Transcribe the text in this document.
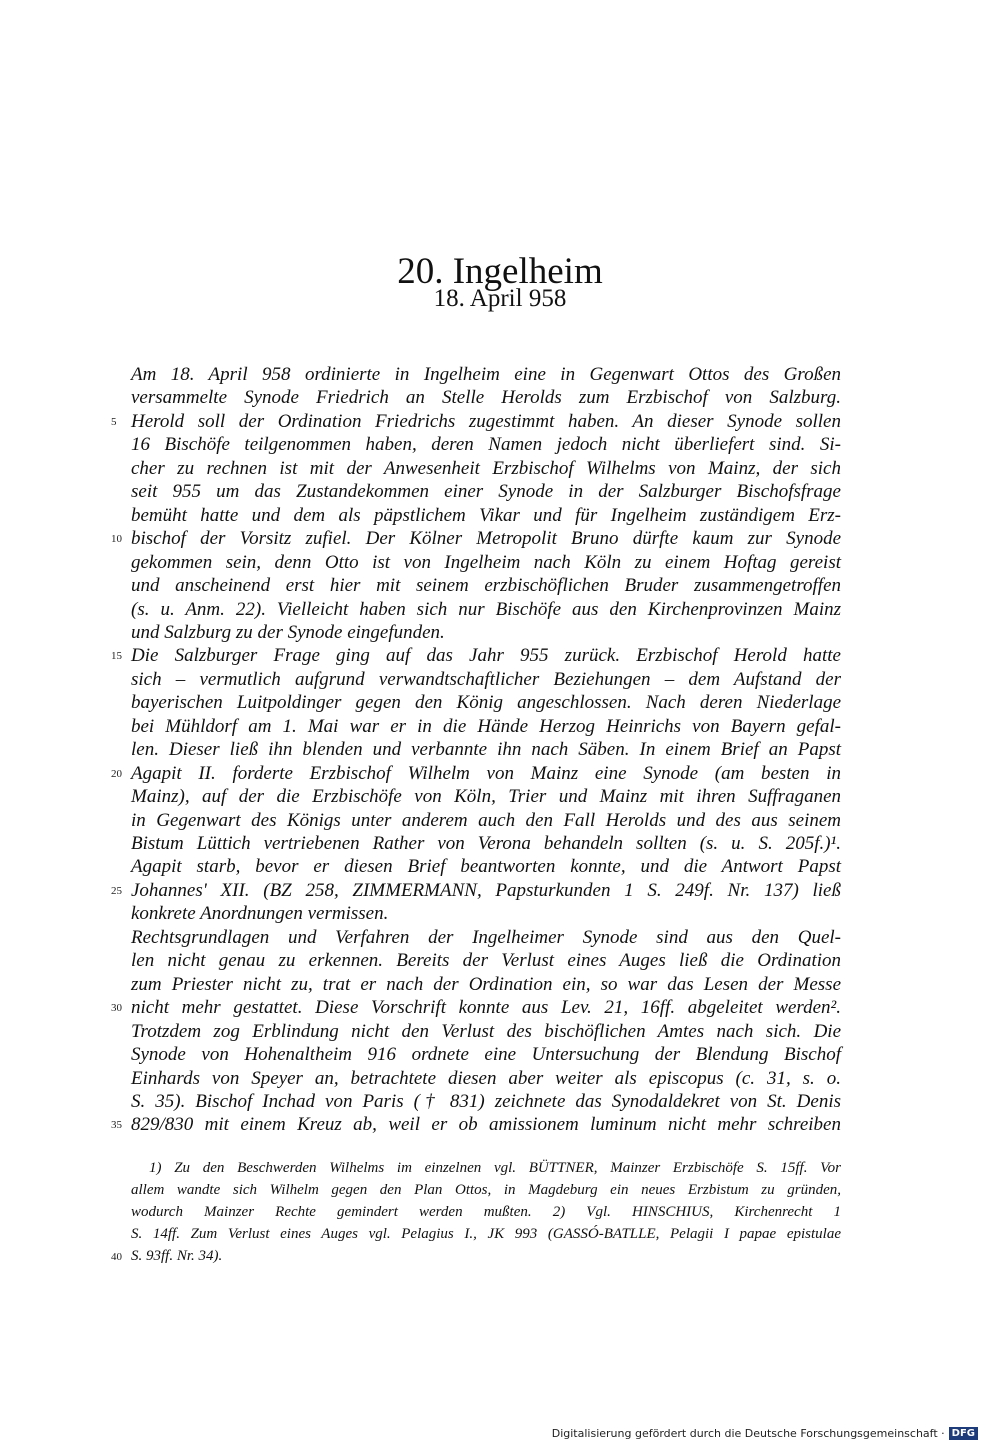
20. Ingelheim
18. April 958
Am 18. April 958 ordinierte in Ingelheim eine in Gegenwart Ottos des Großen
versammelte Synode Friedrich an Stelle Herolds zum Erzbischof von Salzburg.
Herold soll der Ordination Friedrichs zugestimmt haben. An dieser Synode sollen
16 Bischöfe teilgenommen haben, deren Namen jedoch nicht überliefert sind. Si-
cher zu rechnen ist mit der Anwesenheit Erzbischof Wilhelms von Mainz, der sich
seit 955 um das Zustandekommen einer Synode in der Salzburger Bischofsfrage
bemüht hatte und dem als päpstlichem Vikar und für Ingelheim zuständigem Erz-
bischof der Vorsitz zufiel. Der Kölner Metropolit Bruno dürfte kaum zur Synode
gekommen sein, denn Otto ist von Ingelheim nach Köln zu einem Hoftag gereist
und anscheinend erst hier mit seinem erzbischöflichen Bruder zusammengetroffen
(s. u. Anm. 22). Vielleicht haben sich nur Bischöfe aus den Kirchenprovinzen Mainz
und Salzburg zu der Synode eingefunden.
Die Salzburger Frage ging auf das Jahr 955 zurück. Erzbischof Herold hatte
sich – vermutlich aufgrund verwandtschaftlicher Beziehungen – dem Aufstand der
bayerischen Luitpoldinger gegen den König angeschlossen. Nach deren Niederlage
bei Mühldorf am 1. Mai war er in die Hände Herzog Heinrichs von Bayern gefal-
len. Dieser ließ ihn blenden und verbannte ihn nach Säben. In einem Brief an Papst
Agapit II. forderte Erzbischof Wilhelm von Mainz eine Synode (am besten in
Mainz), auf der die Erzbischöfe von Köln, Trier und Mainz mit ihren Suffraganen
in Gegenwart des Königs unter anderem auch den Fall Herolds und des aus seinem
Bistum Lüttich vertriebenen Rather von Verona behandeln sollten (s. u. S. 205f.)¹.
Agapit starb, bevor er diesen Brief beantworten konnte, und die Antwort Papst
Johannes' XII. (BZ 258, ZIMMERMANN, Papsturkunden 1 S. 249f. Nr. 137) ließ
konkrete Anordnungen vermissen.
Rechtsgrundlagen und Verfahren der Ingelheimer Synode sind aus den Quel-
len nicht genau zu erkennen. Bereits der Verlust eines Auges ließ die Ordination
zum Priester nicht zu, trat er nach der Ordination ein, so war das Lesen der Messe
nicht mehr gestattet. Diese Vorschrift konnte aus Lev. 21, 16ff. abgeleitet werden².
Trotzdem zog Erblindung nicht den Verlust des bischöflichen Amtes nach sich. Die
Synode von Hohenaltheim 916 ordnete eine Untersuchung der Blendung Bischof
Einhards von Speyer an, betrachtete diesen aber weiter als episcopus (c. 31, s. o.
S. 35). Bischof Inchad von Paris († 831) zeichnete das Synodaldekret von St. Denis
829/830 mit einem Kreuz ab, weil er ob amissionem luminum nicht mehr schreiben
5
10
15
20
25
30
35
1) Zu den Beschwerden Wilhelms im einzelnen vgl. BÜTTNER, Mainzer Erzbischöfe S. 15ff. Vor
allem wandte sich Wilhelm gegen den Plan Ottos, in Magdeburg ein neues Erzbistum zu gründen,
wodurch Mainzer Rechte gemindert werden mußten. 2) Vgl. HINSCHIUS, Kirchenrecht 1
S. 14ff. Zum Verlust eines Auges vgl. Pelagius I., JK 993 (GASSÓ-BATLLE, Pelagii I papae epistulae
S. 93ff. Nr. 34).
40
Digitalisierung gefördert durch die Deutsche Forschungsgemeinschaft · DFG
